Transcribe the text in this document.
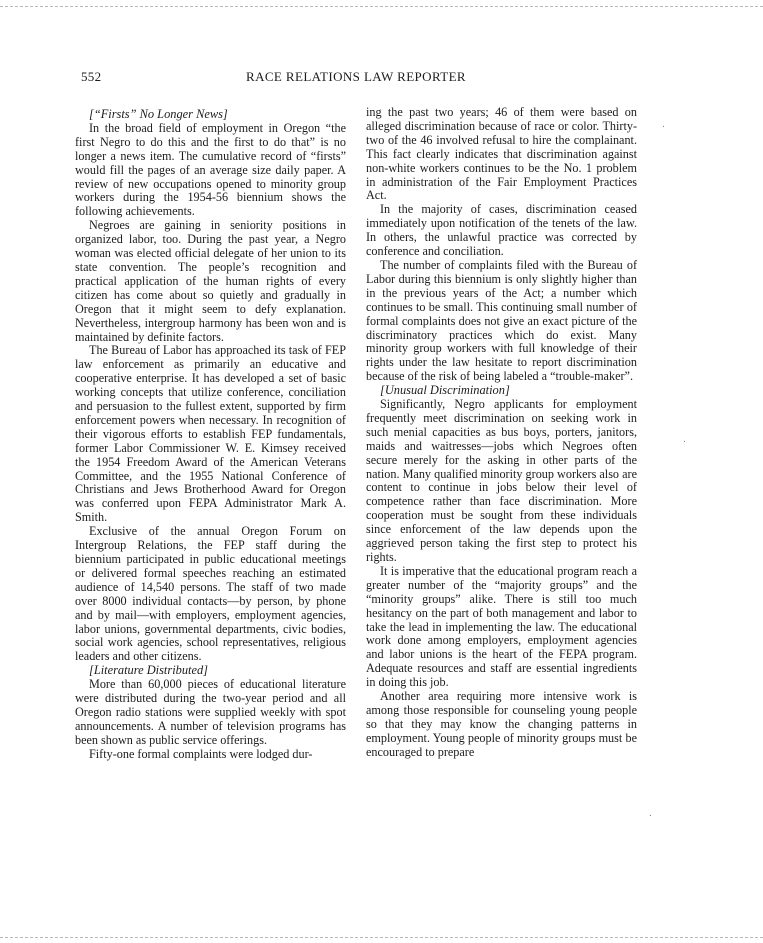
552	RACE RELATIONS LAW REPORTER

[“Firsts” No Longer News]

In the broad field of employment in Oregon “the first Negro to do this and the first to do that” is no longer a news item. The cumulative record of “firsts” would fill the pages of an average size daily paper. A review of new occupations opened to minority group workers during the 1954-56 biennium shows the following achievements.

Negroes are gaining in seniority positions in organized labor, too. During the past year, a Negro woman was elected official delegate of her union to its state convention. The people’s recognition and practical application of the human rights of every citizen has come about so quietly and gradually in Oregon that it might seem to defy explanation. Nevertheless, intergroup harmony has been won and is maintained by definite factors.

The Bureau of Labor has approached its task of FEP law enforcement as primarily an educative and cooperative enterprise. It has developed a set of basic working concepts that utilize conference, conciliation and persuasion to the fullest extent, supported by firm enforcement powers when necessary. In recognition of their vigorous efforts to establish FEP fundamentals, former Labor Commissioner W. E. Kimsey received the 1954 Freedom Award of the American Veterans Committee, and the 1955 National Conference of Christians and Jews Brotherhood Award for Oregon was conferred upon FEPA Administrator Mark A. Smith.

Exclusive of the annual Oregon Forum on Intergroup Relations, the FEP staff during the biennium participated in public educational meetings or delivered formal speeches reaching an estimated audience of 14,540 persons. The staff of two made over 8000 individual contacts—by person, by phone and by mail—with employers, employment agencies, labor unions, governmental departments, civic bodies, social work agencies, school representatives, religious leaders and other citizens.

[Literature Distributed]

More than 60,000 pieces of educational literature were distributed during the two-year period and all Oregon radio stations were supplied weekly with spot announcements. A number of television programs has been shown as public service offerings.

Fifty-one formal complaints were lodged dur-

ing the past two years; 46 of them were based on alleged discrimination because of race or color. Thirty-two of the 46 involved refusal to hire the complainant. This fact clearly indicates that discrimination against non-white workers continues to be the No. 1 problem in administration of the Fair Employment Practices Act.

In the majority of cases, discrimination ceased immediately upon notification of the tenets of the law. In others, the unlawful practice was corrected by conference and conciliation.

The number of complaints filed with the Bureau of Labor during this biennium is only slightly higher than in the previous years of the Act; a number which continues to be small. This continuing small number of formal complaints does not give an exact picture of the discriminatory practices which do exist. Many minority group workers with full knowledge of their rights under the law hesitate to report discrimination because of the risk of being labeled a “trouble-maker”.

[Unusual Discrimination]

Significantly, Negro applicants for employment frequently meet discrimination on seeking work in such menial capacities as bus boys, porters, janitors, maids and waitresses—jobs which Negroes often secure merely for the asking in other parts of the nation. Many qualified minority group workers also are content to continue in jobs below their level of competence rather than face discrimination. More cooperation must be sought from these individuals since enforcement of the law depends upon the aggrieved person taking the first step to protect his rights.

It is imperative that the educational program reach a greater number of the “majority groups” and the “minority groups” alike. There is still too much hesitancy on the part of both management and labor to take the lead in implementing the law. The educational work done among employers, employment agencies and labor unions is the heart of the FEPA program. Adequate resources and staff are essential ingredients in doing this job.

Another area requiring more intensive work is among those responsible for counseling young people so that they may know the changing patterns in employment. Young people of minority groups must be encouraged to prepare

․
․
․
